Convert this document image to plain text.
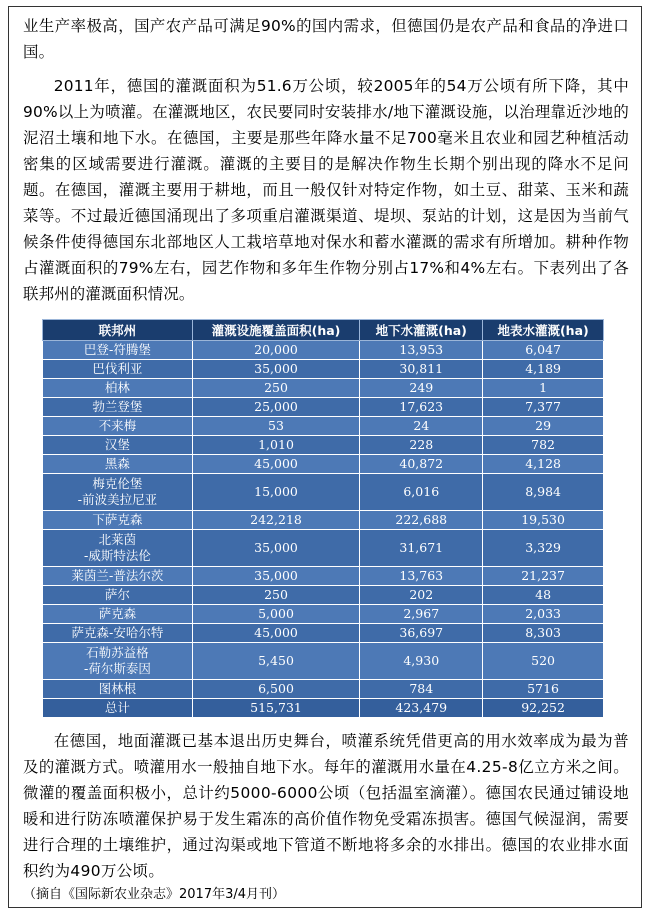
业生产率极高，国产农产品可满足90%的国内需求，但德国仍是农产品和食品的净进口国。

2011年，德国的灌溉面积为51.6万公顷，较2005年的54万公顷有所下降，其中90%以上为喷灌。在灌溉地区，农民要同时安装排水/地下灌溉设施，以治理靠近沙地的泥沼土壤和地下水。在德国，主要是那些年降水量不足700毫米且农业和园艺种植活动密集的区域需要进行灌溉。灌溉的主要目的是解决作物生长期个别出现的降水不足问题。在德国，灌溉主要用于耕地，而且一般仅针对特定作物，如土豆、甜菜、玉米和蔬菜等。不过最近德国涌现出了多项重启灌溉渠道、堤坝、泵站的计划，这是因为当前气候条件使得德国东北部地区人工栽培草地对保水和蓄水灌溉的需求有所增加。耕种作物占灌溉面积的79%左右，园艺作物和多年生作物分别占17%和4%左右。下表列出了各联邦州的灌溉面积情况。

联邦州	灌溉设施覆盖面积(ha)	地下水灌溉(ha)	地表水灌溉(ha)

巴登-符腾堡	20,000	13,953	6,047

巴伐利亚	35,000	30,811	4,189

柏林	250	249	1

勃兰登堡	25,000	17,623	7,377

不来梅	53	24	29

汉堡	1,010	228	782

黑森	45,000	40,872	4,128

梅克伦堡
-前波美拉尼亚	15,000	6,016	8,984

下萨克森	242,218	222,688	19,530

北莱茵
-威斯特法伦	35,000	31,671	3,329

莱茵兰-普法尔茨	35,000	13,763	21,237

萨尔	250	202	48

萨克森	5,000	2,967	2,033

萨克森-安哈尔特	45,000	36,697	8,303

石勒苏益格
-荷尔斯泰因	5,450	4,930	520

图林根	6,500	784	5716
总计	515,731	423,479	92,252

在德国，地面灌溉已基本退出历史舞台，喷灌系统凭借更高的用水效率成为最为普及的灌溉方式。喷灌用水一般抽自地下水。每年的灌溉用水量在4.25-8亿立方米之间。微灌的覆盖面积极小，总计约5000-6000公顷（包括温室滴灌）。德国农民通过铺设地暖和进行防冻喷灌保护易于发生霜冻的高价值作物免受霜冻损害。德国气候湿润，需要进行合理的土壤维护，通过沟渠或地下管道不断地将多余的水排出。德国的农业排水面积约为490万公顷。

（摘自《国际新农业杂志》2017年3/4月刊）
